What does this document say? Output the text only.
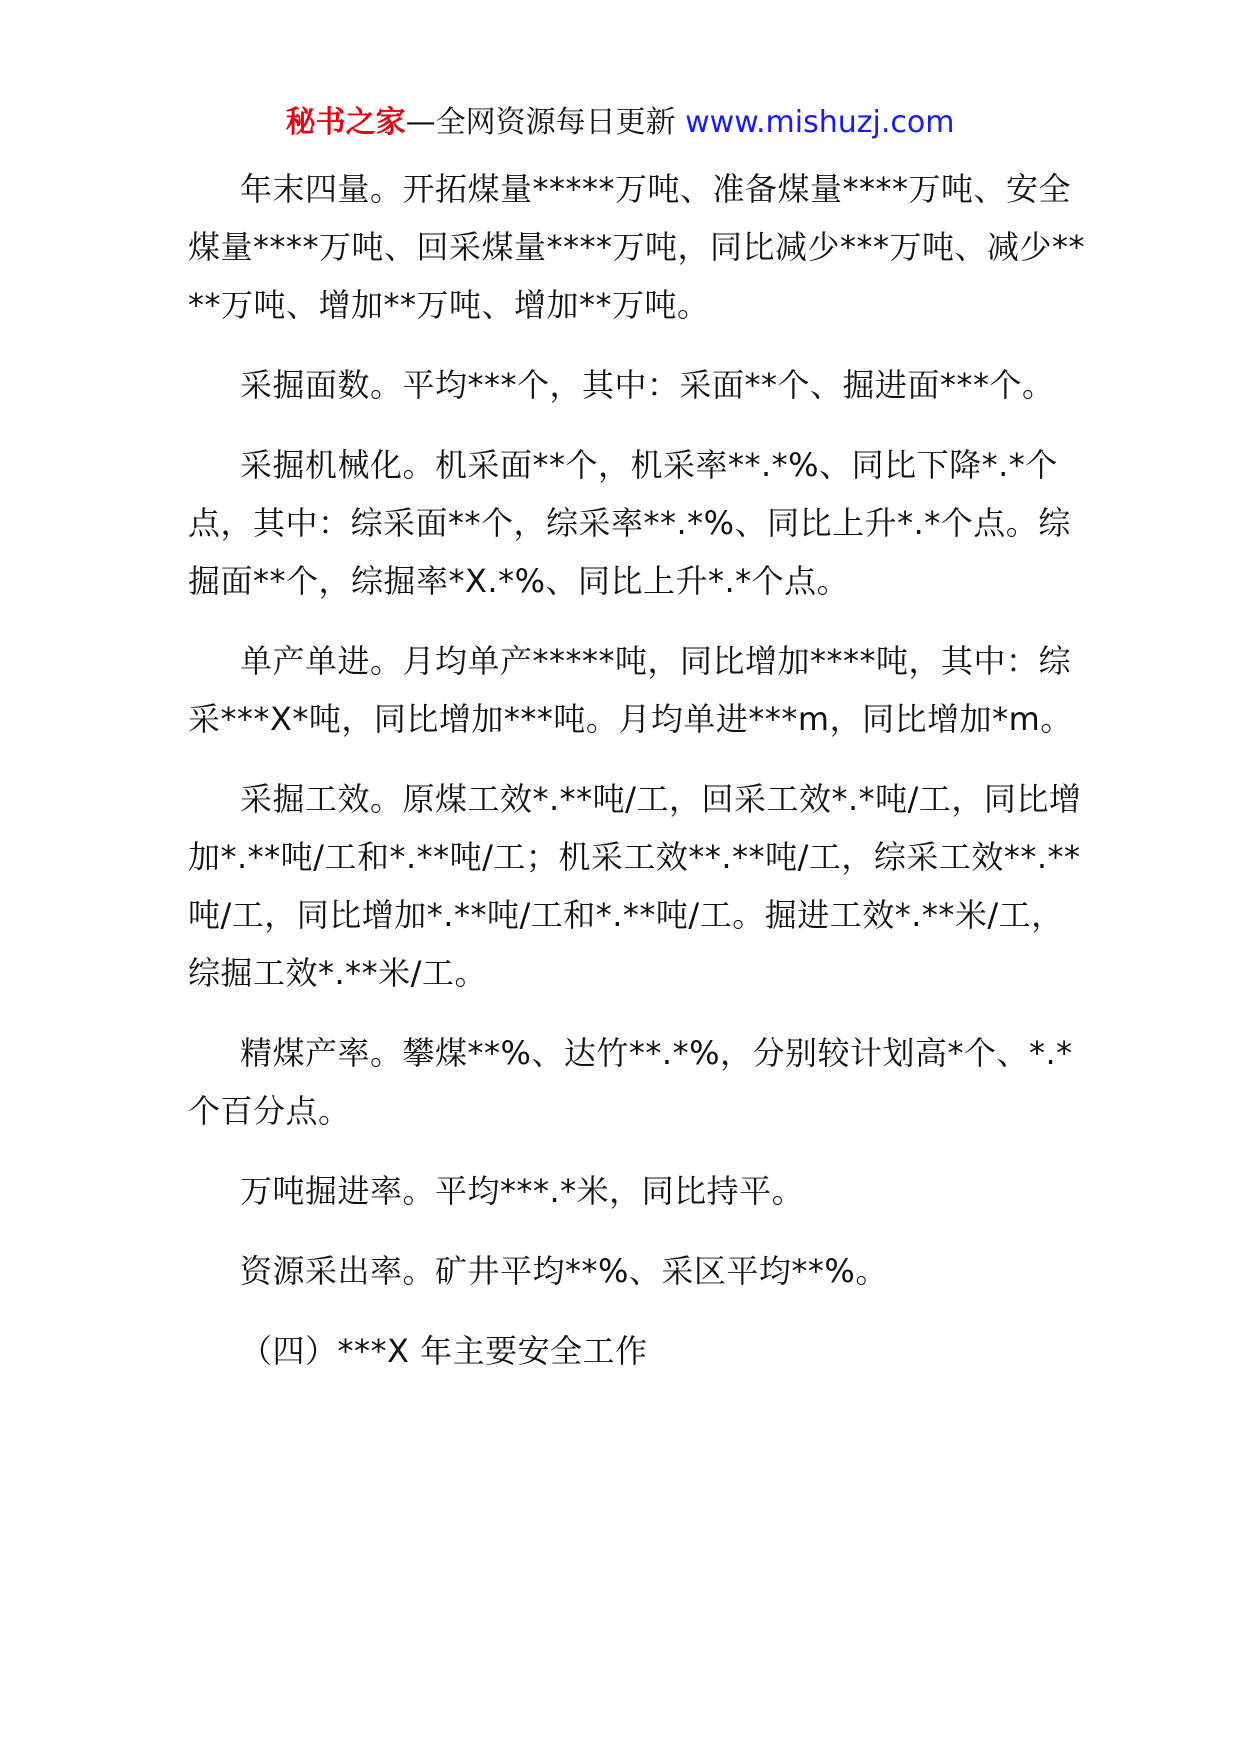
秘书之家—全网资源每日更新 www.mishuzj.com

年末四量。开拓煤量*****万吨、准备煤量****万吨、安全煤量****万吨、回采煤量****万吨，同比减少***万吨、减少****万吨、增加**万吨、增加**万吨。

采掘面数。平均***个，其中：采面**个、掘进面***个。

采掘机械化。机采面**个，机采率**.*%、同比下降*.*个点，其中：综采面**个，综采率**.*%、同比上升*.*个点。综掘面**个，综掘率*X.*%、同比上升*.*个点。

单产单进。月均单产*****吨，同比增加****吨，其中：综采***X*吨，同比增加***吨。月均单进***m，同比增加*m。

采掘工效。原煤工效*.**吨/工，回采工效*.*吨/工，同比增加*.**吨/工和*.**吨/工；机采工效**.**吨/工，综采工效**.**吨/工，同比增加*.**吨/工和*.**吨/工。掘进工效*.**米/工，综掘工效*.**米/工。

精煤产率。攀煤**%、达竹**.*%，分别较计划高*个、*.*个百分点。

万吨掘进率。平均***.*米，同比持平。

资源采出率。矿井平均**%、采区平均**%。

（四）***X 年主要安全工作
